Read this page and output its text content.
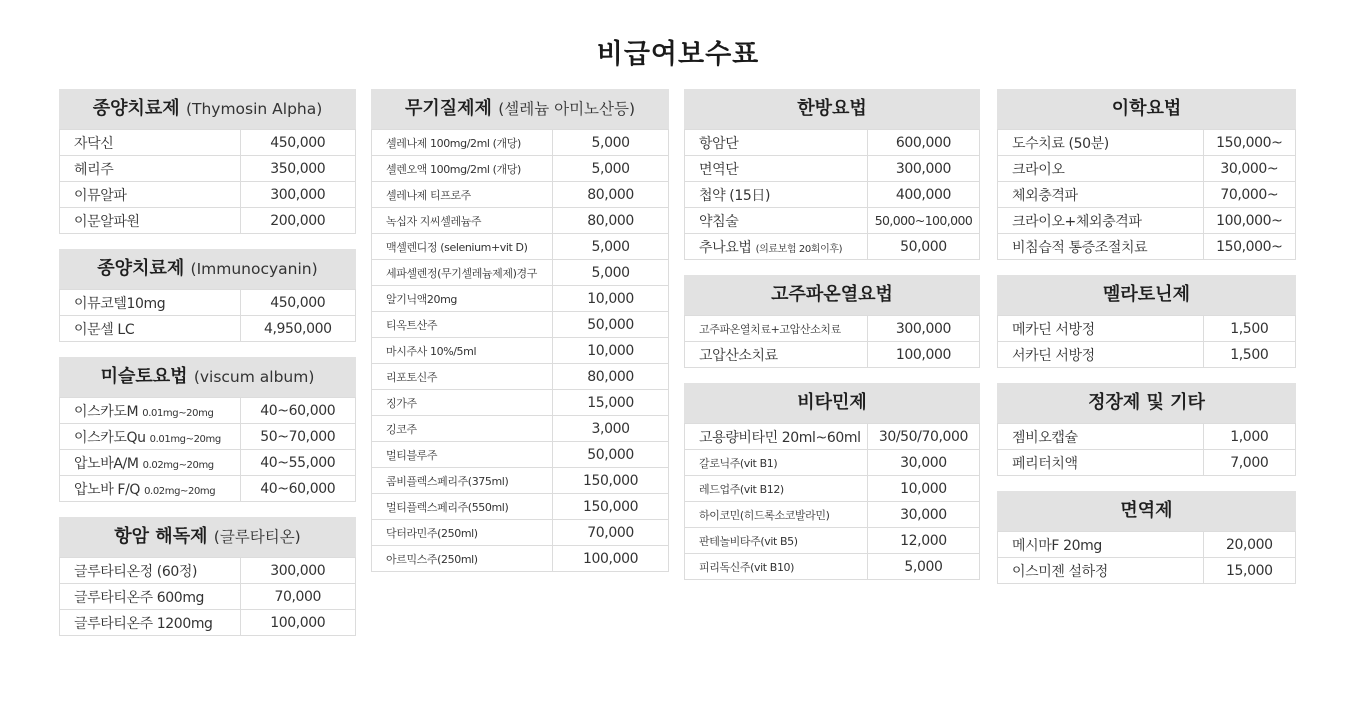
비급여보수표
종양치료제 (Thymosin Alpha)
자닥신	450,000
헤리주	350,000
이뮤알파	300,000
이문알파원	200,000
종양치료제 (Immunocyanin)
이뮤코텔10mg	450,000
이문셀 LC	4,950,000
미슬토요법 (viscum album)
이스카도M 0.01mg~20mg	40~60,000
이스카도Qu 0.01mg~20mg	50~70,000
압노바A/M 0.02mg~20mg	40~55,000
압노바 F/Q 0.02mg~20mg	40~60,000
항암 해독제 (글루타티온)
글루타티온정 (60정)	300,000
글루타티온주 600mg	70,000
글루타티온주 1200mg	100,000
무기질제제 (셀레늄 아미노산등)
셀레나제 100mg/2ml (개당)	5,000
셀렌오액 100mg/2ml (개당)	5,000
셀레나제 티프로주	80,000
녹십자 지씨셀레늄주	80,000
맥셀렌디정 (selenium+vit D)	5,000
세파셀렌정(무기셀레늄제제)경구	5,000
알기닉액20mg	10,000
티옥트산주	50,000
마시주사 10%/5ml	10,000
리포토신주	80,000
징가주	15,000
깅코주	3,000
멀티블루주	50,000
콤비플렉스페리주(375ml)	150,000
멀티플렉스페리주(550ml)	150,000
닥터라민주(250ml)	70,000
아르믹스주(250ml)	100,000
한방요법
항암단	600,000
면역단	300,000
첩약 (15日)	400,000
약침술	50,000~100,000
추나요법 (의료보험 20회이후)	50,000
고주파온열요법
고주파온열치료+고압산소치료	300,000
고압산소치료	100,000
비타민제
고용량비타민 20ml~60ml	30/50/70,000
갈로닉주(vit B1)	30,000
레드업주(vit B12)	10,000
하이코민(히드록소코발라민)	30,000
판테놀비타주(vit B5)	12,000
피리독신주(vit B10)	5,000
이학요법
도수치료 (50분)	150,000~
크라이오	30,000~
체외충격파	70,000~
크라이오+체외충격파	100,000~
비침습적 통증조절치료	150,000~
멜라토닌제
메카딘 서방정	1,500
서카딘 서방정	1,500
정장제 및 기타
젬비오캡슐	1,000
페리터치액	7,000
면역제
메시마F 20mg	20,000
이스미젠 설하정	15,000
